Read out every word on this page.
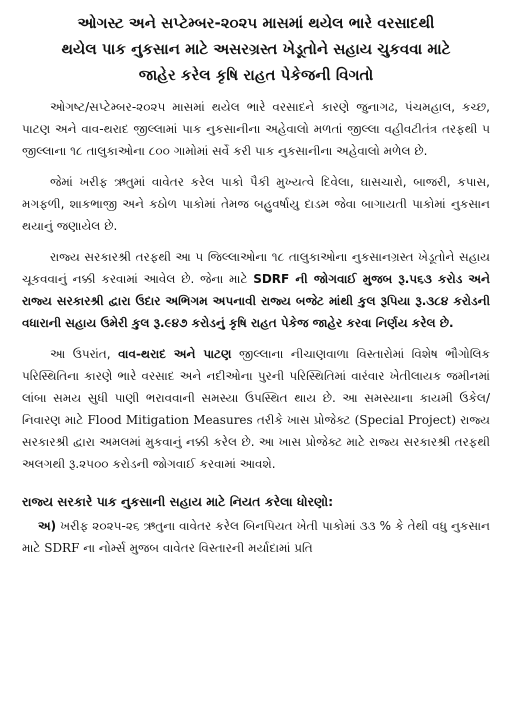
ઓગસ્ટ અને સપ્ટેમ્બર-૨૦૨૫ માસમાં થયેલ ભારે વરસાદથી
થયેલ પાક નુકસાન માટે અસરગ્રસ્ત ખેડૂતોને સહાય ચુકવવા માટે
જાહેર કરેલ કૃષિ રાહત પેકેજની વિગતો

ઓગષ્ટ/સપ્ટેમ્બર-૨૦૨૫ માસમાં થયેલ ભારે વરસાદને કારણે જુનાગઢ, પંચમહાલ, કચ્છ, પાટણ અને વાવ-થરાદ જીલ્લામાં પાક નુકસાનીના અહેવાલો મળતાં જીલ્લા વહીવટીતંત્ર તરફથી ૫ જીલ્લાના ૧૮ તાલુકાઓના ૮૦૦ ગામોમાં સર્વે કરી પાક નુકસાનીના અહેવાલો મળેલ છે.

જેમાં ખરીફ ઋતુમાં વાવેતર કરેલ પાકો પૈકી મુખ્યત્વે દિવેલા, ઘાસચારો, બાજરી, કપાસ, મગફળી, શાકભાજી અને કઠોળ પાકોમાં તેમજ બહુવર્ષાયુ દાડમ જેવા બાગાયતી પાકોમાં નુકસાન થયાનું જણાયેલ છે.

રાજ્ય સરકારશ્રી તરફથી આ ૫ જિલ્લાઓના ૧૮ તાલુકાઓના નુકસાનગ્રસ્ત ખેડૂતોને સહાય ચૂકવવાનું નક્કી કરવામાં આવેલ છે. જેના માટે SDRF ની જોગવાઈ મુજબ રૂ.૫૬૩ કરોડ અને રાજ્ય સરકારશ્રી દ્વારા ઉદાર અભિગમ અપનાવી રાજ્ય બજેટ માંથી કુલ રૂપિયા રૂ.૩૮૪ કરોડની વધારાની સહાય ઉમેરી કુલ રૂ.૯૪૭ કરોડનું કૃષિ રાહત પેકેજ જાહેર કરવા નિર્ણય કરેલ છે.

આ ઉપરાંત, વાવ-થરાદ અને પાટણ જીલ્લાના નીચાણવાળા વિસ્તારોમાં વિશેષ ભૌગોલિક પરિસ્થિતિના કારણે ભારે વરસાદ અને નદીઓના પુરની પરિસ્થિતિમાં વારંવાર ખેતીલાયક જમીનમાં લાંબા સમય સુધી પાણી ભરાવવાની સમસ્યા ઉપસ્થિત થાય છે. આ સમસ્યાના કાયમી ઉકેલ/નિવારણ માટે Flood Mitigation Measures તરીકે ખાસ પ્રોજેક્ટ (Special Project) રાજ્ય સરકારશ્રી દ્વારા અમલમાં મુકવાનું નક્કી કરેલ છે. આ ખાસ પ્રોજેક્ટ માટે રાજ્ય સરકારશ્રી તરફથી અલગથી રૂ.૨૫૦૦ કરોડની જોગવાઈ કરવામાં આવશે.

રાજ્ય સરકારે પાક નુકસાની સહાય માટે નિયત કરેલા ધોરણો:

અ) ખરીફ ૨૦૨૫-૨૬ ઋતુના વાવેતર કરેલ બિનપિયત ખેતી પાકોમાં ૩૩ % કે તેથી વધુ નુકસાન માટે SDRF ના નોર્મ્સ મુજબ વાવેતર વિસ્તારની મર્યાદામાં પ્રતિ
